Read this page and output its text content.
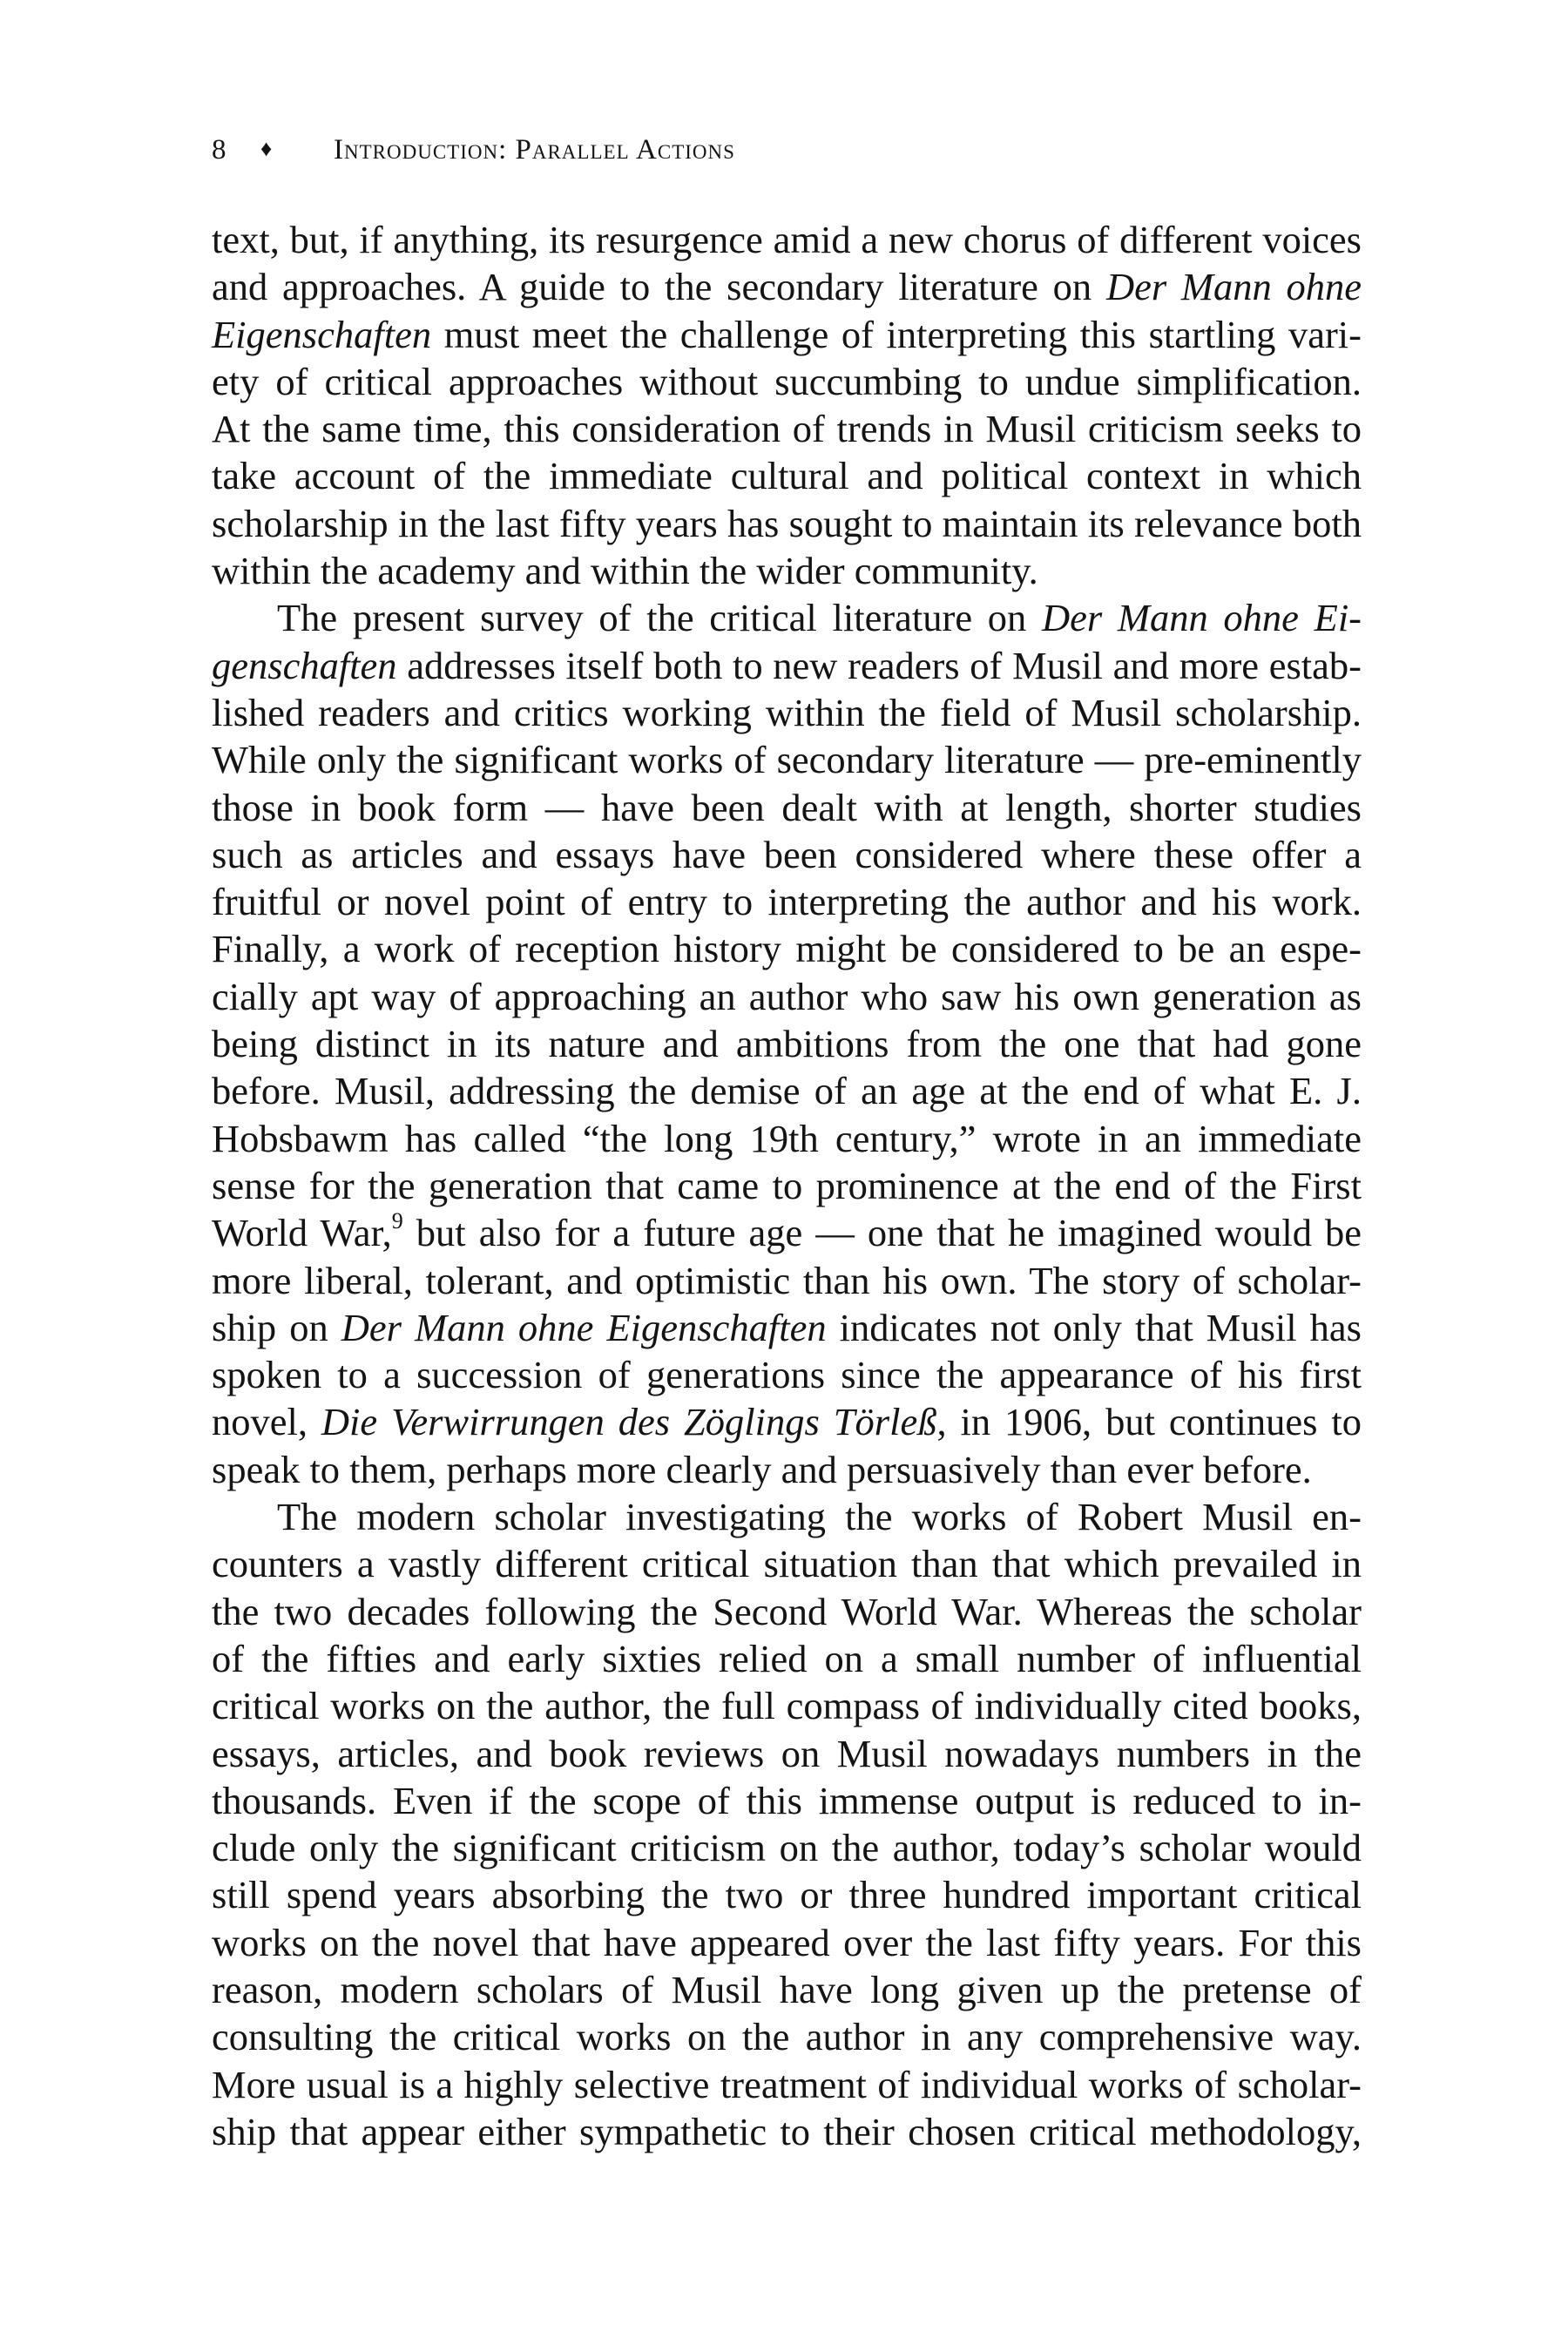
8 ♦ Introduction: Parallel Actions
text, but, if anything, its resurgence amid a new chorus of different voices
and approaches. A guide to the secondary literature on Der Mann ohne
Eigenschaften must meet the challenge of interpreting this startling vari-
ety of critical approaches without succumbing to undue simplification.
At the same time, this consideration of trends in Musil criticism seeks to
take account of the immediate cultural and political context in which
scholarship in the last fifty years has sought to maintain its relevance both
within the academy and within the wider community.
The present survey of the critical literature on Der Mann ohne Ei-
genschaften addresses itself both to new readers of Musil and more estab-
lished readers and critics working within the field of Musil scholarship.
While only the significant works of secondary literature — pre-eminently
those in book form — have been dealt with at length, shorter studies
such as articles and essays have been considered where these offer a
fruitful or novel point of entry to interpreting the author and his work.
Finally, a work of reception history might be considered to be an espe-
cially apt way of approaching an author who saw his own generation as
being distinct in its nature and ambitions from the one that had gone
before. Musil, addressing the demise of an age at the end of what E. J.
Hobsbawm has called “the long 19th century,” wrote in an immediate
sense for the generation that came to prominence at the end of the First
World War,$^9$ but also for a future age — one that he imagined would be
more liberal, tolerant, and optimistic than his own. The story of scholar-
ship on Der Mann ohne Eigenschaften indicates not only that Musil has
spoken to a succession of generations since the appearance of his first
novel, Die Verwirrungen des Zöglings Törleß, in 1906, but continues to
speak to them, perhaps more clearly and persuasively than ever before.
The modern scholar investigating the works of Robert Musil en-
counters a vastly different critical situation than that which prevailed in
the two decades following the Second World War. Whereas the scholar
of the fifties and early sixties relied on a small number of influential
critical works on the author, the full compass of individually cited books,
essays, articles, and book reviews on Musil nowadays numbers in the
thousands. Even if the scope of this immense output is reduced to in-
clude only the significant criticism on the author, today’s scholar would
still spend years absorbing the two or three hundred important critical
works on the novel that have appeared over the last fifty years. For this
reason, modern scholars of Musil have long given up the pretense of
consulting the critical works on the author in any comprehensive way.
More usual is a highly selective treatment of individual works of scholar-
ship that appear either sympathetic to their chosen critical methodology,
